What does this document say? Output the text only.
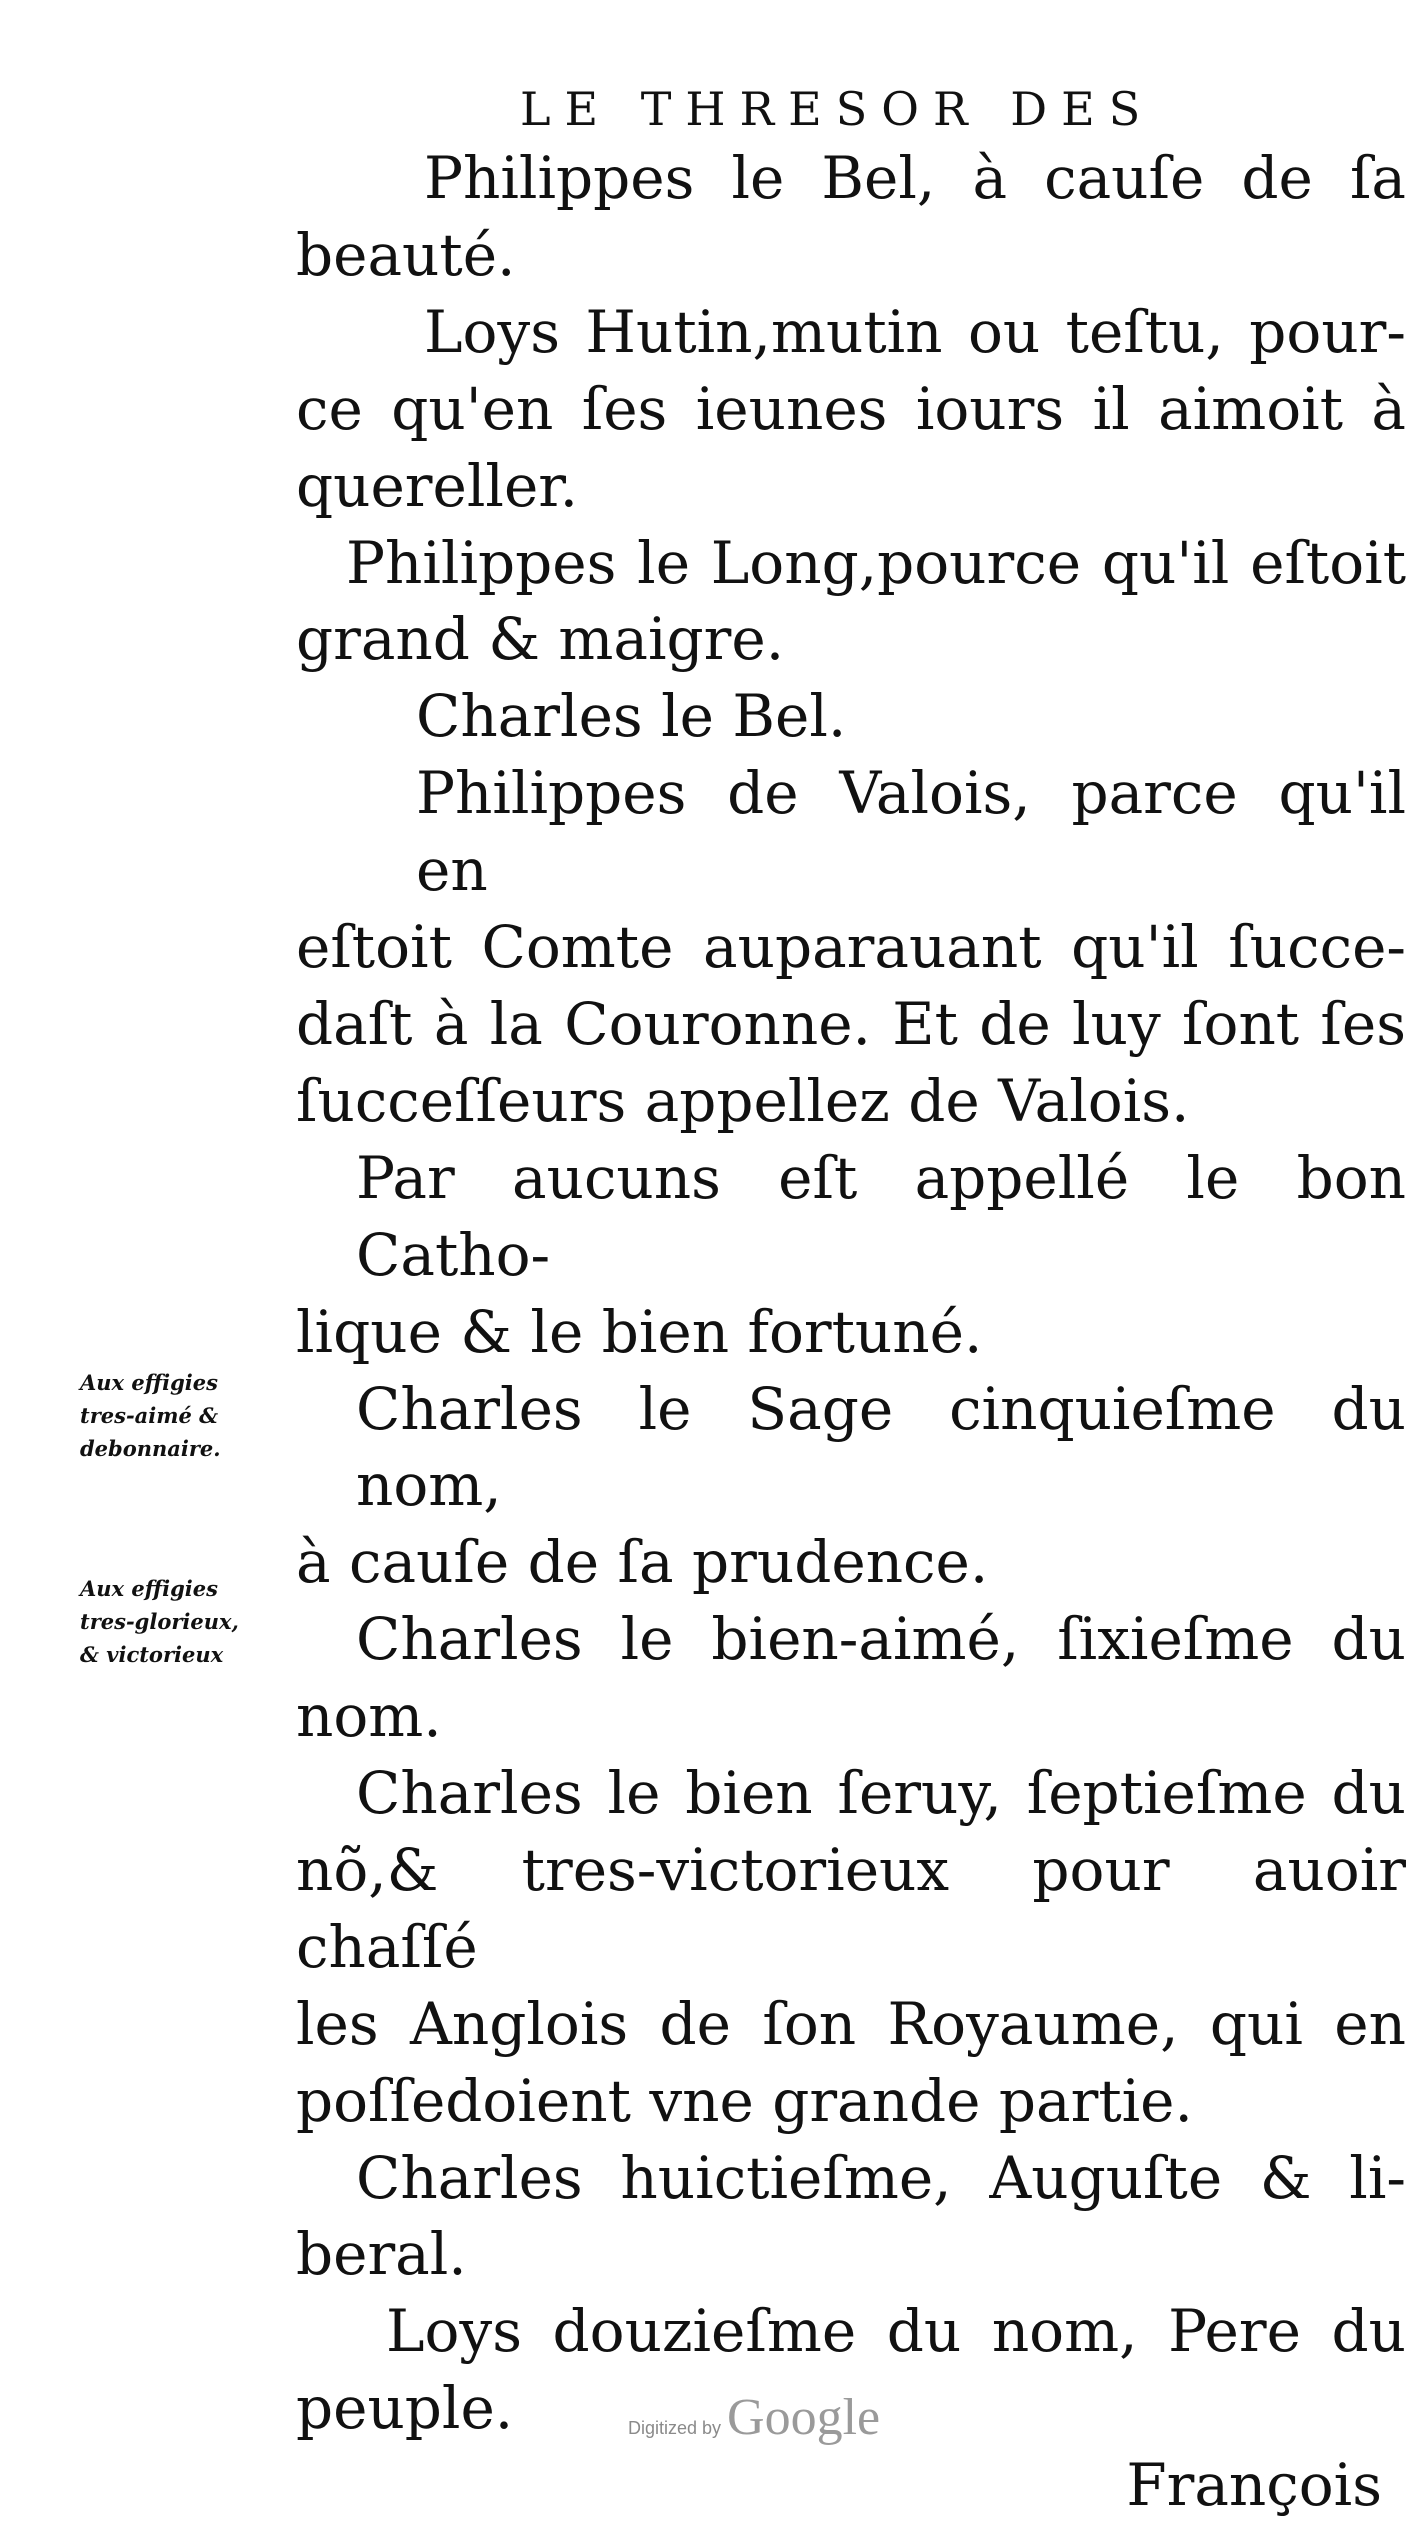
LE THRESOR DES
Philippes le Bel, à cauſe de ſa
beauté.
Loys Hutin,mutin ou teſtu, pour-
ce qu'en ſes ieunes iours il aimoit à
quereller.
Philippes le Long,pource qu'il eſtoit
grand & maigre.
Charles le Bel.
Philippes de Valois, parce qu'il en
eſtoit Comte auparauant qu'il ſucce-
daſt à la Couronne. Et de luy ſont ſes
ſucceſſeurs appellez de Valois.
Par aucuns eſt appellé le bon Catho-
lique & le bien fortuné.
Charles le Sage cinquieſme du nom,
à cauſe de ſa prudence.
Charles le bien-aimé, ſixieſme du
nom.
Charles le bien ſeruy, ſeptieſme du
nõ,& tres-victorieux pour auoir chaſſé
les Anglois de ſon Royaume, qui en
poſſedoient vne grande partie.
Charles huictieſme, Auguſte & li-
beral.
Loys douzieſme du nom, Pere du
peuple.
François
Aux effigies
tres-aimé &
debonnaire.
Aux effigies
tres-glorieux,
& victorieux
Digitized by Google
